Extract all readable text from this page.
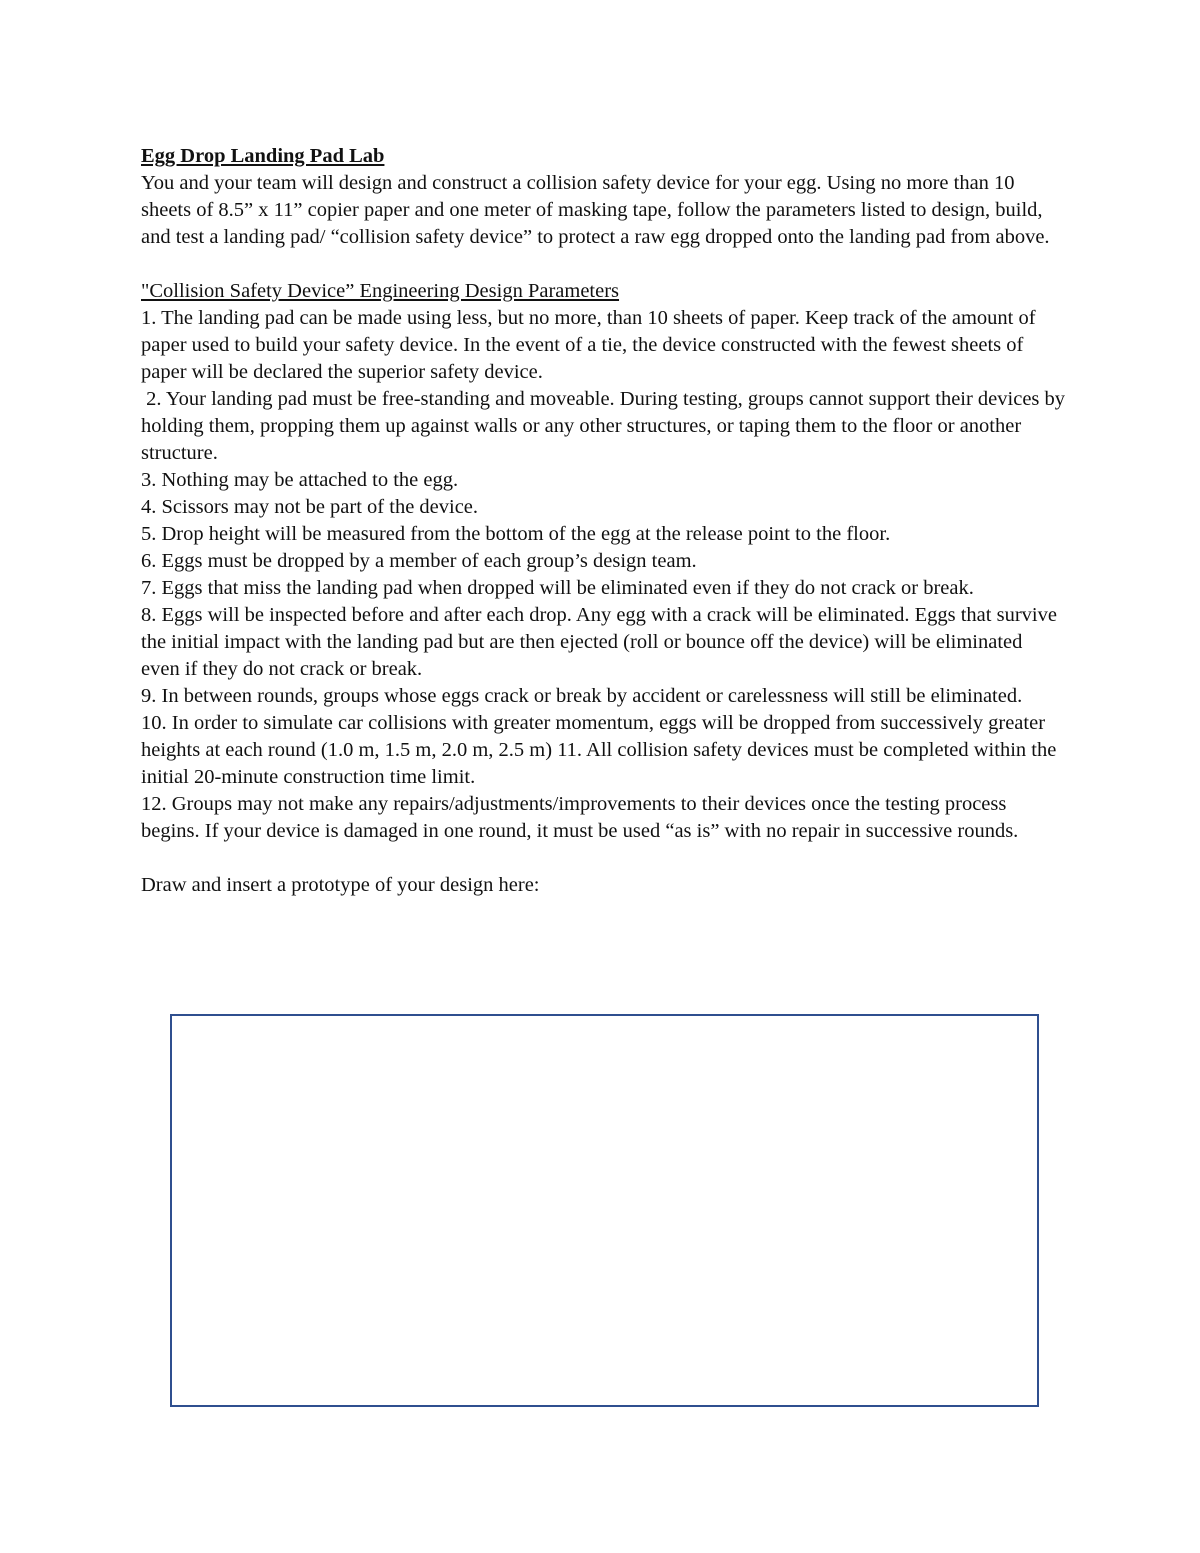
Egg Drop Landing Pad Lab

You and your team will design and construct a collision safety device for your egg. Using no more than 10 sheets of 8.5” x 11” copier paper and one meter of masking tape, follow the parameters listed to design, build, and test a landing pad/ “collision safety device” to protect a raw egg dropped onto the landing pad from above.

"Collision Safety Device” Engineering Design Parameters

1. The landing pad can be made using less, but no more, than 10 sheets of paper. Keep track of the amount of paper used to build your safety device. In the event of a tie, the device constructed with the fewest sheets of paper will be declared the superior safety device.
2. Your landing pad must be free-standing and moveable. During testing, groups cannot support their devices by holding them, propping them up against walls or any other structures, or taping them to the floor or another structure.
3. Nothing may be attached to the egg.
4. Scissors may not be part of the device.
5. Drop height will be measured from the bottom of the egg at the release point to the floor.
6. Eggs must be dropped by a member of each group’s design team.
7. Eggs that miss the landing pad when dropped will be eliminated even if they do not crack or break.
8. Eggs will be inspected before and after each drop. Any egg with a crack will be eliminated. Eggs that survive the initial impact with the landing pad but are then ejected (roll or bounce off the device) will be eliminated even if they do not crack or break.
9. In between rounds, groups whose eggs crack or break by accident or carelessness will still be eliminated.
10. In order to simulate car collisions with greater momentum, eggs will be dropped from successively greater heights at each round (1.0 m, 1.5 m, 2.0 m, 2.5 m) 11. All collision safety devices must be completed within the initial 20-minute construction time limit.
12. Groups may not make any repairs/adjustments/improvements to their devices once the testing process begins. If your device is damaged in one round, it must be used “as is” with no repair in successive rounds.

Draw and insert a prototype of your design here:
